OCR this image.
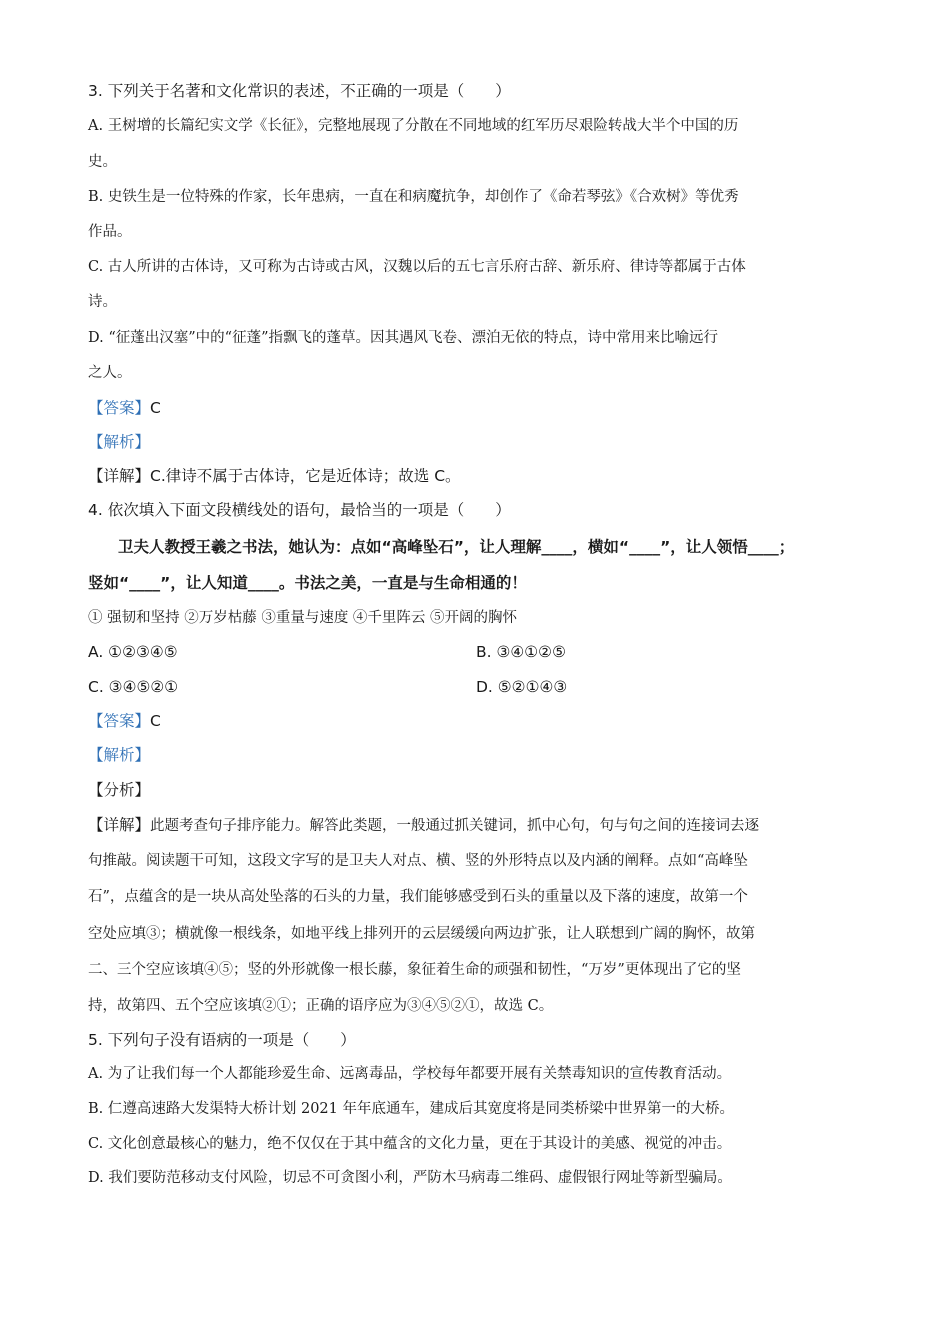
3. 下列关于名著和文化常识的表述，不正确的一项是（　　）
A. 王树增的长篇纪实文学《长征》，完整地展现了分散在不同地域的红军历尽艰险转战大半个中国的历
史。
B. 史铁生是一位特殊的作家，长年患病，一直在和病魔抗争，却创作了《命若琴弦》《合欢树》等优秀
作品。
C. 古人所讲的古体诗，又可称为古诗或古风，汉魏以后的五七言乐府古辞、新乐府、律诗等都属于古体
诗。
D. “征蓬出汉塞”中的“征蓬”指飘飞的蓬草。因其遇风飞卷、漂泊无依的特点，诗中常用来比喻远行
之人。
【答案】C
【解析】
【详解】C.律诗不属于古体诗，它是近体诗；故选 C。
4. 依次填入下面文段横线处的语句，最恰当的一项是（　　）
卫夫人教授王羲之书法，她认为：点如“高峰坠石”，让人理解____，横如“____”，让人领悟____；
竖如“____”，让人知道____。书法之美，一直是与生命相通的！
① 强韧和坚持 ②万岁枯藤 ③重量与速度 ④千里阵云 ⑤开阔的胸怀
A. ①②③④⑤	B. ③④①②⑤
C. ③④⑤②①	D. ⑤②①④③
【答案】C
【解析】
【分析】
【详解】此题考查句子排序能力。解答此类题，一般通过抓关键词，抓中心句，句与句之间的连接词去逐
句推敲。阅读题干可知，这段文字写的是卫夫人对点、横、竖的外形特点以及内涵的阐释。点如“高峰坠
石”，点蕴含的是一块从高处坠落的石头的力量，我们能够感受到石头的重量以及下落的速度，故第一个
空处应填③；横就像一根线条，如地平线上排列开的云层缓缓向两边扩张，让人联想到广阔的胸怀，故第
二、三个空应该填④⑤；竖的外形就像一根长藤，象征着生命的顽强和韧性，“万岁”更体现出了它的坚
持，故第四、五个空应该填②①；正确的语序应为③④⑤②①，故选 C。
5. 下列句子没有语病的一项是（　　）
A. 为了让我们每一个人都能珍爱生命、远离毒品，学校每年都要开展有关禁毒知识的宣传教育活动。
B. 仁遵高速路大发渠特大桥计划 2021 年年底通车，建成后其宽度将是同类桥梁中世界第一的大桥。
C. 文化创意最核心的魅力，绝不仅仅在于其中蕴含的文化力量，更在于其设计的美感、视觉的冲击。
D. 我们要防范移动支付风险，切忌不可贪图小利，严防木马病毒二维码、虚假银行网址等新型骗局。
